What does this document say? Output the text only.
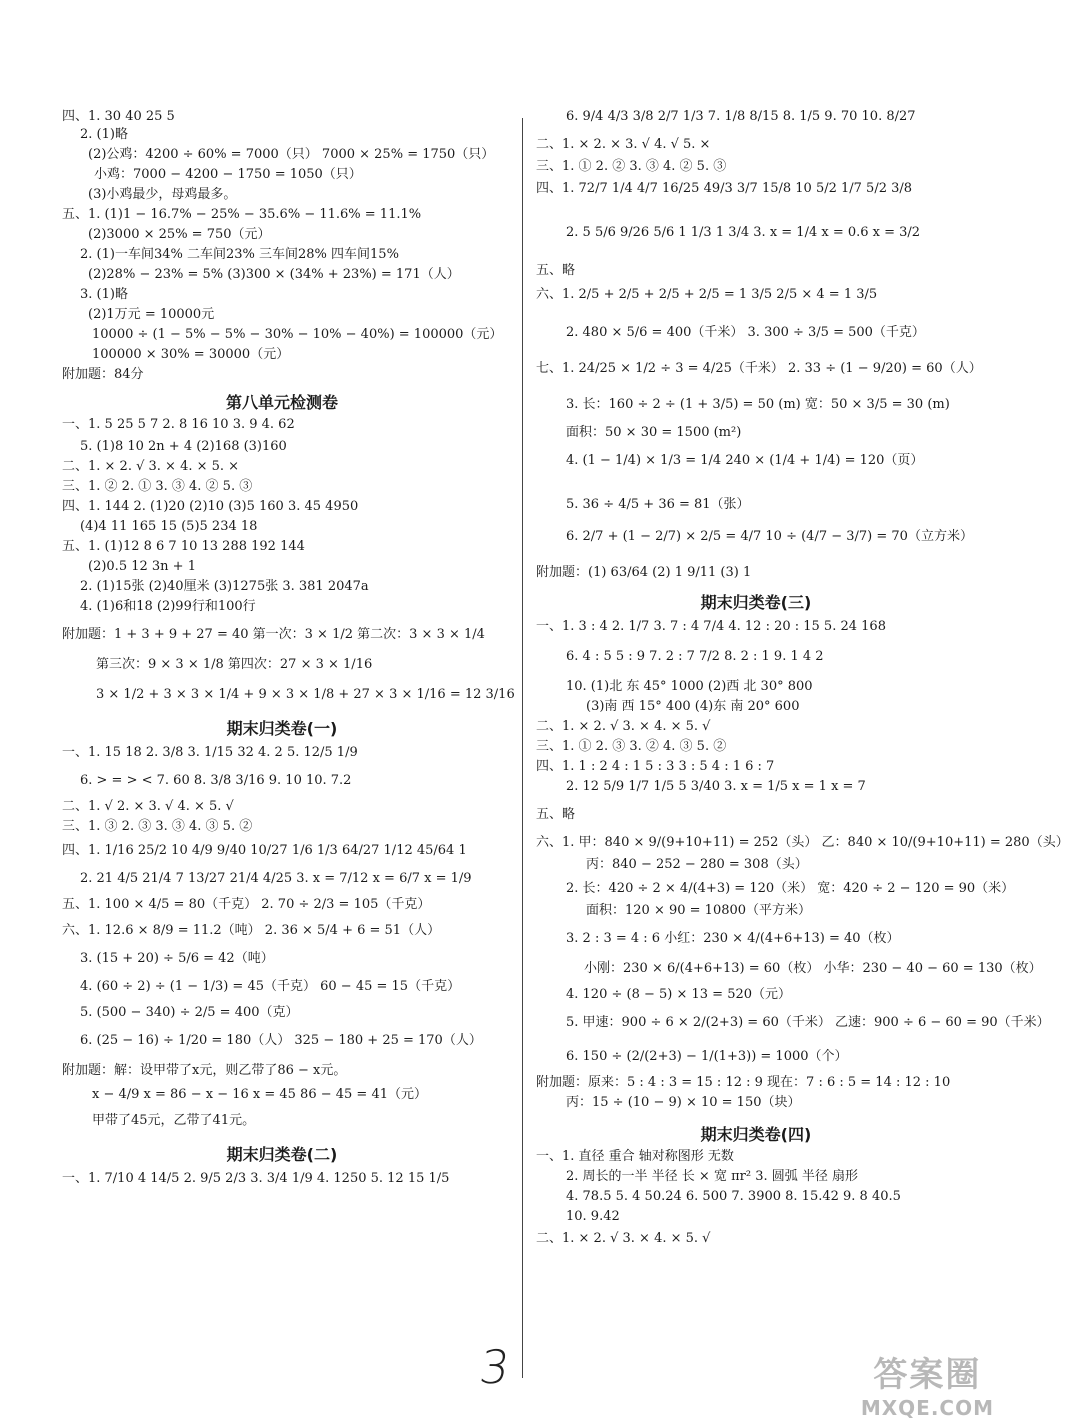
四、1. 30 40 25 5
2. (1)略
(2)公鸡：4200 ÷ 60% = 7000（只） 7000 × 25% = 1750（只）
小鸡：7000 − 4200 − 1750 = 1050（只）
(3)小鸡最少，母鸡最多。
五、1. (1)1 − 16.7% − 25% − 35.6% − 11.6% = 11.1%
(2)3000 × 25% = 750（元）
2. (1)一车间34% 二车间23% 三车间28% 四车间15%
(2)28% − 23% = 5% (3)300 × (34% + 23%) = 171（人）
3. (1)略
(2)1万元 = 10000元
10000 ÷ (1 − 5% − 5% − 30% − 10% − 40%) = 100000（元）
100000 × 30% = 30000（元）
附加题：84分
第八单元检测卷
一、1. 5 25 5 7 2. 8 16 10 3. 9 4. 62
5. (1)8 10 2n + 4 (2)168 (3)160
二、1. × 2. √ 3. × 4. × 5. ×
三、1. ② 2. ① 3. ③ 4. ② 5. ③
四、1. 144 2. (1)20 (2)10 (3)5 160 3. 45 4950
(4)4 11 165 15 (5)5 234 18
五、1. (1)12 8 6 7 10 13 288 192 144
(2)0.5 12 3n + 1
2. (1)15张 (2)40厘米 (3)1275张 3. 381 2047a
4. (1)6和18 (2)99行和100行
附加题：1 + 3 + 9 + 27 = 40 第一次：3 × 1/2 第二次：3 × 3 × 1/4
第三次：9 × 3 × 1/8 第四次：27 × 3 × 1/16
3 × 1/2 + 3 × 3 × 1/4 + 9 × 3 × 1/8 + 27 × 3 × 1/16 = 12 3/16
期末归类卷(一)
一、1. 15 18 2. 3/8 3. 1/15 32 4. 2 5. 12/5 1/9
6. > = > < 7. 60 8. 3/8 3/16 9. 10 10. 7.2
二、1. √ 2. × 3. √ 4. × 5. √
三、1. ③ 2. ③ 3. ③ 4. ③ 5. ②
四、1. 1/16 25/2 10 4/9 9/40 10/27 1/6 1/3 64/27 1/12 45/64 1
2. 21 4/5 21/4 7 13/27 21/4 4/25 3. x = 7/12 x = 6/7 x = 1/9
五、1. 100 × 4/5 = 80（千克） 2. 70 ÷ 2/3 = 105（千克）
六、1. 12.6 × 8/9 = 11.2（吨） 2. 36 × 5/4 + 6 = 51（人）
3. (15 + 20) ÷ 5/6 = 42（吨）
4. (60 ÷ 2) ÷ (1 − 1/3) = 45（千克） 60 − 45 = 15（千克）
5. (500 − 340) ÷ 2/5 = 400（克）
6. (25 − 16) ÷ 1/20 = 180（人） 325 − 180 + 25 = 170（人）
附加题：解：设甲带了x元，则乙带了86 − x元。
x − 4/9 x = 86 − x − 16 x = 45 86 − 45 = 41（元）
甲带了45元，乙带了41元。
期末归类卷(二)
一、1. 7/10 4 14/5 2. 9/5 2/3 3. 3/4 1/9 4. 1250 5. 12 15 1/5
6. 9/4 4/3 3/8 2/7 1/3 7. 1/8 8/15 8. 1/5 9. 70 10. 8/27
二、1. × 2. × 3. √ 4. √ 5. ×
三、1. ① 2. ② 3. ③ 4. ② 5. ③
四、1. 72/7 1/4 4/7 16/25 49/3 3/7 15/8 10 5/2 1/7 5/2 3/8
2. 5 5/6 9/26 5/6 1 1/3 1 3/4 3. x = 1/4 x = 0.6 x = 3/2
五、略
六、1. 2/5 + 2/5 + 2/5 + 2/5 = 1 3/5 2/5 × 4 = 1 3/5
2. 480 × 5/6 = 400（千米） 3. 300 ÷ 3/5 = 500（千克）
七、1. 24/25 × 1/2 ÷ 3 = 4/25（千米） 2. 33 ÷ (1 − 9/20) = 60（人）
3. 长：160 ÷ 2 ÷ (1 + 3/5) = 50 (m) 宽：50 × 3/5 = 30 (m)
面积：50 × 30 = 1500 (m²)
4. (1 − 1/4) × 1/3 = 1/4 240 × (1/4 + 1/4) = 120（页）
5. 36 ÷ 4/5 + 36 = 81（张）
6. 2/7 + (1 − 2/7) × 2/5 = 4/7 10 ÷ (4/7 − 3/7) = 70（立方米）
附加题：(1) 63/64 (2) 1 9/11 (3) 1
期末归类卷(三)
一、1. 3 : 4 2. 1/7 3. 7 : 4 7/4 4. 12 : 20 : 15 5. 24 168
6. 4 : 5 5 : 9 7. 2 : 7 7/2 8. 2 : 1 9. 1 4 2
10. (1)北 东 45° 1000 (2)西 北 30° 800
(3)南 西 15° 400 (4)东 南 20° 600
二、1. × 2. √ 3. × 4. × 5. √
三、1. ① 2. ③ 3. ② 4. ③ 5. ②
四、1. 1 : 2 4 : 1 5 : 3 3 : 5 4 : 1 6 : 7
2. 12 5/9 1/7 1/5 5 3/40 3. x = 1/5 x = 1 x = 7
五、略
六、1. 甲：840 × 9/(9+10+11) = 252（头） 乙：840 × 10/(9+10+11) = 280（头）
丙：840 − 252 − 280 = 308（头）
2. 长：420 ÷ 2 × 4/(4+3) = 120（米） 宽：420 ÷ 2 − 120 = 90（米）
面积：120 × 90 = 10800（平方米）
3. 2 : 3 = 4 : 6 小红：230 × 4/(4+6+13) = 40（枚）
小刚：230 × 6/(4+6+13) = 60（枚） 小华：230 − 40 − 60 = 130（枚）
4. 120 ÷ (8 − 5) × 13 = 520（元）
5. 甲速：900 ÷ 6 × 2/(2+3) = 60（千米） 乙速：900 ÷ 6 − 60 = 90（千米）
6. 150 ÷ (2/(2+3) − 1/(1+3)) = 1000（个）
附加题：原来：5 : 4 : 3 = 15 : 12 : 9 现在：7 : 6 : 5 = 14 : 12 : 10
丙：15 ÷ (10 − 9) × 10 = 150（块）
期末归类卷(四)
一、1. 直径 重合 轴对称图形 无数
2. 周长的一半 半径 长 × 宽 πr² 3. 圆弧 半径 扇形
4. 78.5 5. 4 50.24 6. 500 7. 3900 8. 15.42 9. 8 40.5
10. 9.42
二、1. × 2. √ 3. × 4. × 5. √
3	答案圈
MXQE.COM
